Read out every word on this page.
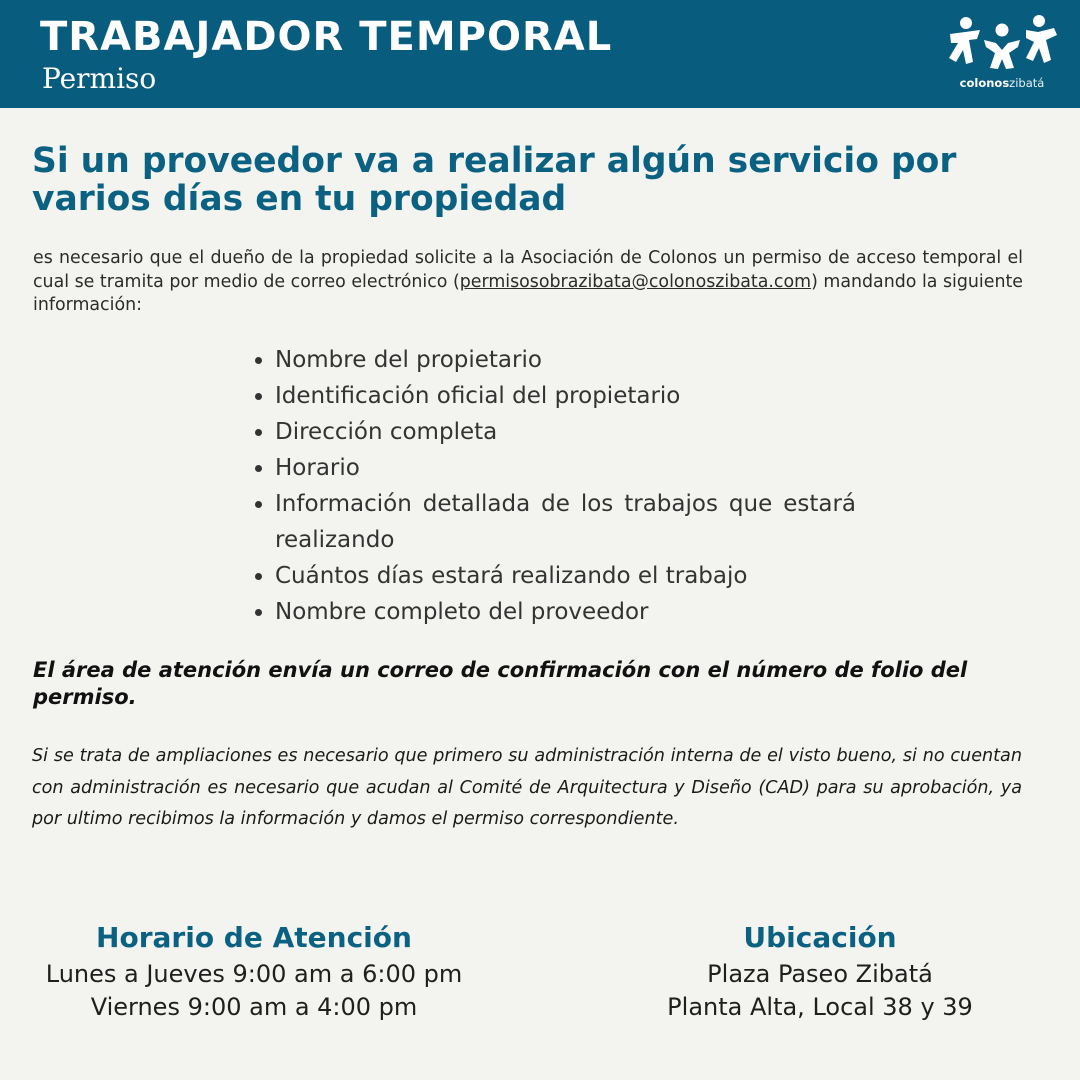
TRABAJADOR TEMPORAL
Permiso	colonoszibatá
Si un proveedor va a realizar algún servicio por varios días en tu propiedad
es necesario que el dueño de la propiedad solicite a la Asociación de Colonos un permiso de acceso temporal el cual se tramita por medio de correo electrónico (permisosobrazibata@colonoszibata.com) mandando la siguiente información:
Nombre del propietario
Identificación oficial del propietario
Dirección completa
Horario
Información detallada de los trabajos que estará realizando
Cuántos días estará realizando el trabajo
Nombre completo del proveedor
El área de atención envía un correo de confirmación con el número de folio del permiso.
Si se trata de ampliaciones es necesario que primero su administración interna de el visto bueno, si no cuentan con administración es necesario que acudan al Comité de Arquitectura y Diseño (CAD) para su aprobación, ya por ultimo recibimos la información y damos el permiso correspondiente.
Horario de Atención
Lunes a Jueves 9:00 am a 6:00 pm
Viernes 9:00 am a 4:00 pm
Ubicación
Plaza Paseo Zibatá
Planta Alta, Local 38 y 39
